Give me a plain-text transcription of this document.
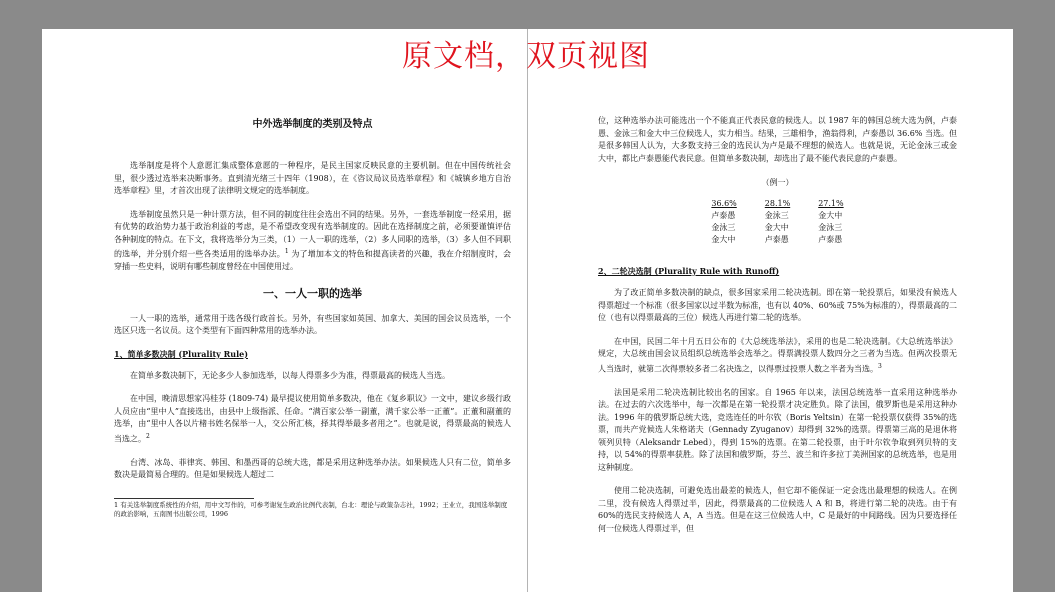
中外选举制度的类别及特点

选举制度是将个人意愿汇集成整体意愿的一种程序，是民主国家反映民意的主要机制。但在中国传统社会里，很少透过选举来决断事务。直到清光绪三十四年（1908），在《咨议局议员选举章程》和《城镇乡地方自治选举章程》里，才首次出现了法律明文规定的选举制度。

选举制度虽然只是一种计票方法，但不同的制度往往会选出不同的结果。另外，一套选举制度一经采用，据有优势的政治势力基于政治利益的考虑，是不希望改变现有选举制度的。因此在选择制度之前，必须要谨慎评估各种制度的特点。在下文，我将选举分为三类，（1）一人一职的选举，（2）多人同职的选举，（3）多人但不同职的选举，并分别介绍一些各类适用的选举办法。$^1$ 为了增加本文的特色和提高读者的兴趣，我在介绍制度时，会穿插一些史料，说明有哪些制度曾经在中国使用过。

一、一人一职的选举

一人一职的选举，通常用于选各级行政首长。另外，有些国家如英国、加拿大、美国的国会议员选举，一个选区只选一名议员。这个类型有下面四种常用的选举办法。

1、简单多数决制 (Plurality Rule)

在简单多数决制下，无论多少人参加选举，以每人得票多少为准，得票最高的候选人当选。

在中国，晚清思想家冯桂芬 (1809-74) 最早提议使用简单多数决，他在《复乡职议》一文中，建议乡级行政人员应由“里中人”直接选出，由县中上级指派、任命。“满百家公举一副董，满千家公举一正董”。正董和副董的选举，由“里中人各以片楮书姓名保举一人，交公所汇核，择其得举最多者用之”。也就是说，得票最高的候选人当选之。$^2$

台湾、冰岛、菲律宾、韩国、和墨西哥的总统大选，都是采用这种选举办法。如果候选人只有二位，简单多数决是最简易合理的。但是如果候选人超过二

1 有关选举制度系统性的介绍，用中文写作的，可参考谢复生政治比例代表制，台北：理论与政策杂志社，1992；王业立，我国选举制度的政治影响，五南图书出版公司，1996

位，这种选举办法可能选出一个不能真正代表民意的候选人。以 1987 年的韩国总统大选为例，卢泰愚、金泳三和金大中三位候选人，实力相当。结果，三雄相争，渔翁得利，卢泰愚以 36.6% 当选。但是很多韩国人认为，大多数支持三金的选民认为卢是最不理想的候选人。也就是说，无论金泳三或金大中，都比卢泰愚能代表民意。但简单多数决制，却选出了最不能代表民意的卢泰愚。

（例一）
36.6%	28.1%	27.1%
卢泰愚	金泳三	金大中
金泳三	金大中	金泳三
金大中	卢泰愚	卢泰愚
2、二轮决选制 (Plurality Rule with Runoff)

为了改正简单多数决制的缺点，很多国家采用二轮决选制。即在第一轮投票后，如果没有候选人得票超过一个标准（很多国家以过半数为标准，也有以 40%、60%或 75%为标准的），得票最高的二位（也有以得票最高的三位）候选人再进行第二轮的选举。

在中国，民国二年十月五日公布的《大总统选举法》，采用的也是二轮决选制。《大总统选举法》规定，大总统由国会议员组织总统选举会选举之。得票满投票人数四分之三者为当选。但两次投票无人当选时，就第二次得票较多者二名决选之，以得票过投票人数之半者为当选。$^3$

法国是采用二轮决选制比较出名的国家。自 1965 年以来，法国总统选举一直采用这种选举办法。在过去的六次选举中，每一次都是在第一轮投票才决定胜负。除了法国，俄罗斯也是采用这种办法。1996 年的俄罗斯总统大选，竞选连任的叶尔钦（Boris Yeltsin）在第一轮投票仅获得 35%的选票，而共产党候选人朱格诺夫（Gennady Zyuganov）却得到 32%的选票。得票第三高的是退休将领列贝特（Aleksandr Lebed），得到 15%的选票。在第二轮投票，由于叶尔钦争取到列贝特的支持，以 54%的得票率获胜。除了法国和俄罗斯，芬兰、波兰和许多拉丁美洲国家的总统选举，也是用这种制度。

使用二轮决选制，可避免选出最差的候选人，但它却不能保证一定会选出最理想的候选人。在例二里，没有候选人得票过半，因此，得票最高的二位候选人 A 和 B，将进行第二轮的决选。由于有 60%的选民支持候选人 A，A 当选。但是在这三位候选人中，C 是最好的中间路线。因为只要选择任何一位候选人得票过半，但

原文档，双页视图
